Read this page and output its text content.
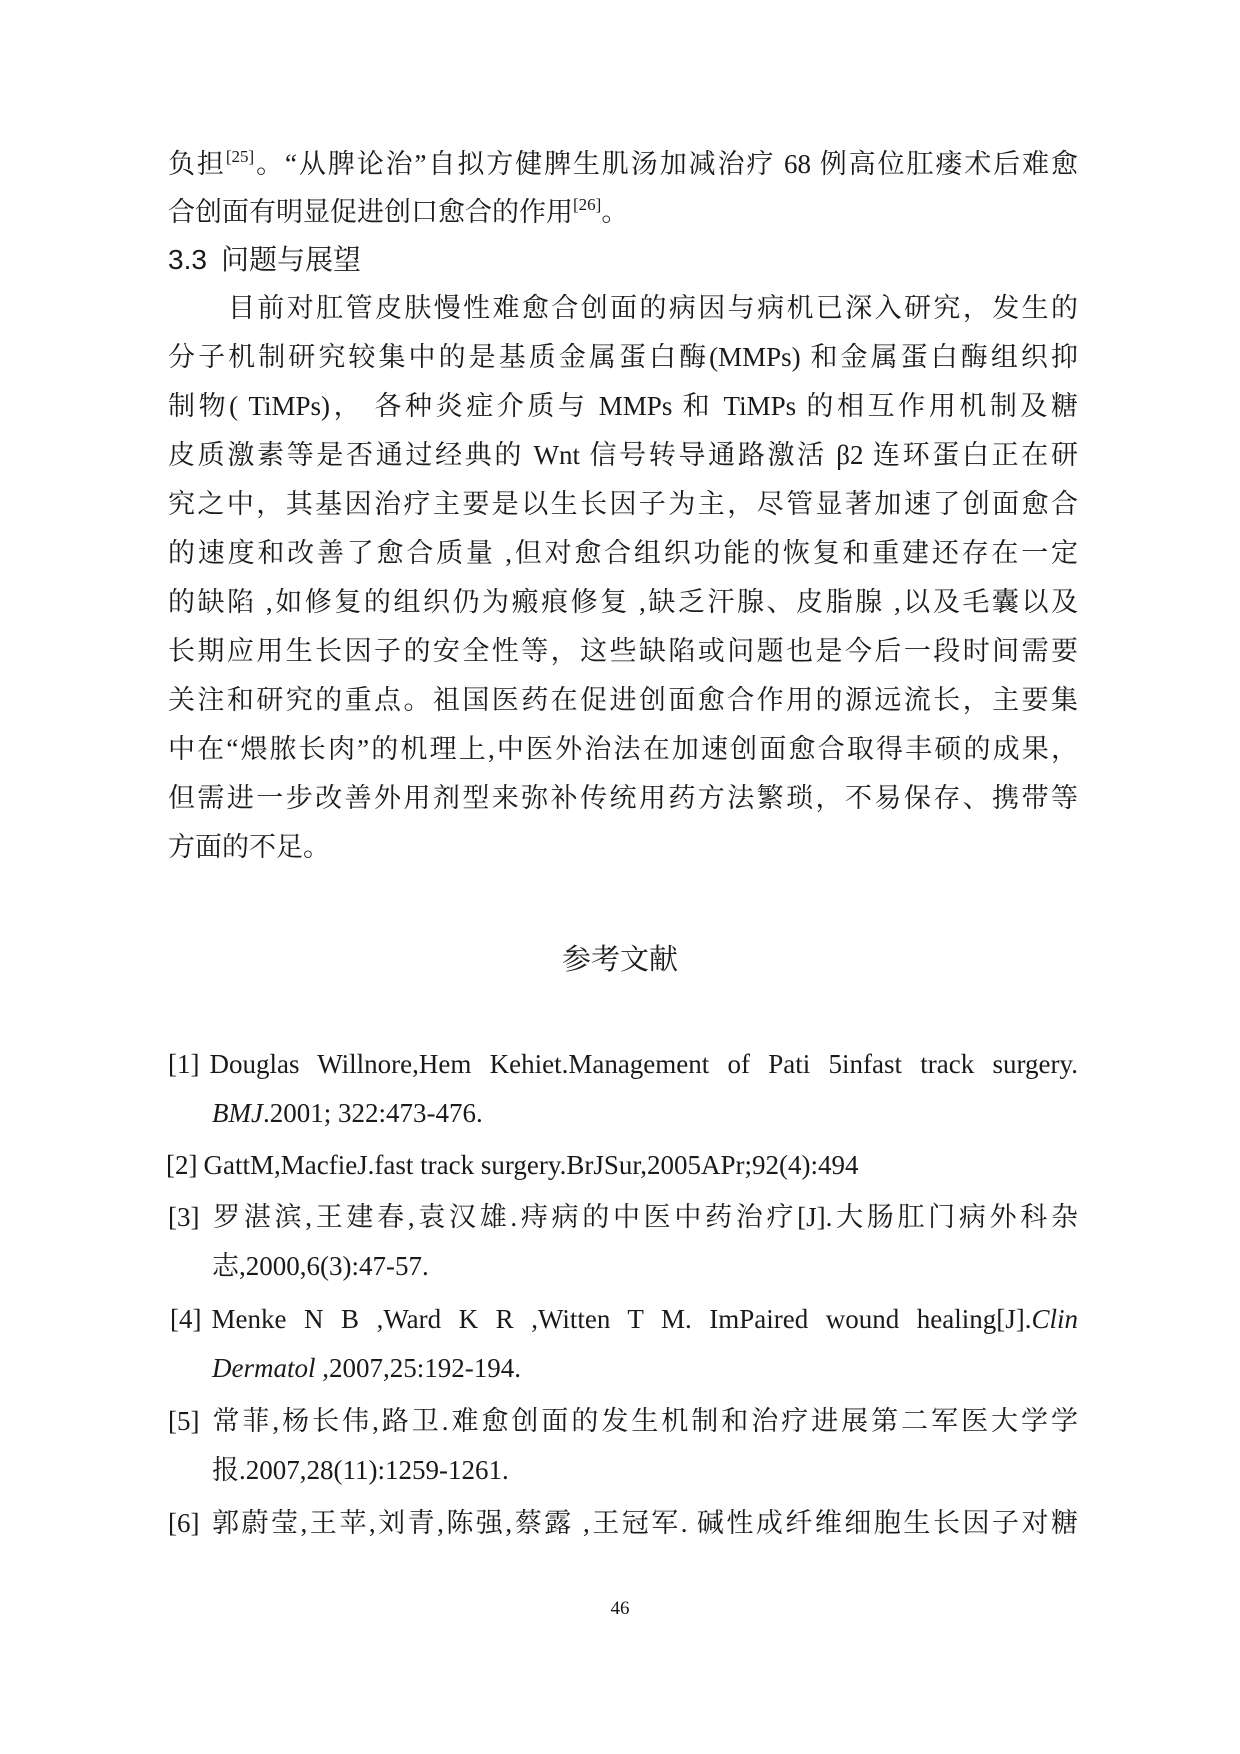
负担[25]。“从脾论治”自拟方健脾生肌汤加减治疗 68 例高位肛瘘术后难愈
合创面有明显促进创口愈合的作用[26]。
3.3 问题与展望
目前对肛管皮肤慢性难愈合创面的病因与病机已深入研究，发生的
分子机制研究较集中的是基质金属蛋白酶(MMPs) 和金属蛋白酶组织抑
制物( TiMPs)， 各种炎症介质与 MMPs 和 TiMPs 的相互作用机制及糖
皮质激素等是否通过经典的 Wnt 信号转导通路激活 β2 连环蛋白正在研
究之中，其基因治疗主要是以生长因子为主，尽管显著加速了创面愈合
的速度和改善了愈合质量 ,但对愈合组织功能的恢复和重建还存在一定
的缺陷 ,如修复的组织仍为瘢痕修复 ,缺乏汗腺、皮脂腺 ,以及毛囊以及
长期应用生长因子的安全性等，这些缺陷或问题也是今后一段时间需要
关注和研究的重点。祖国医药在促进创面愈合作用的源远流长，主要集
中在“煨脓长肉”的机理上,中医外治法在加速创面愈合取得丰硕的成果，
但需进一步改善外用剂型来弥补传统用药方法繁琐，不易保存、携带等
方面的不足。
参考文献
[1] Douglas Willnore,Hem Kehiet.Management of Pati 5infast track surgery.
BMJ.2001; 322:473-476.
[2] GattM,MacfieJ.fast track surgery.BrJSur,2005APr;92(4):494
[3] 罗湛滨,王建春,袁汉雄.痔病的中医中药治疗[J].大肠肛门病外科杂
志,2000,6(3):47-57.
[4] Menke N B ,Ward K R ,Witten T M. ImPaired wound healing[J].Clin
Dermatol ,2007,25:192-194.
[5] 常菲,杨长伟,路卫.难愈创面的发生机制和治疗进展第二军医大学学
报.2007,28(11):1259-1261.
[6] 郭蔚莹,王苹,刘青,陈强,蔡露 ,王冠军. 碱性成纤维细胞生长因子对糖
46
